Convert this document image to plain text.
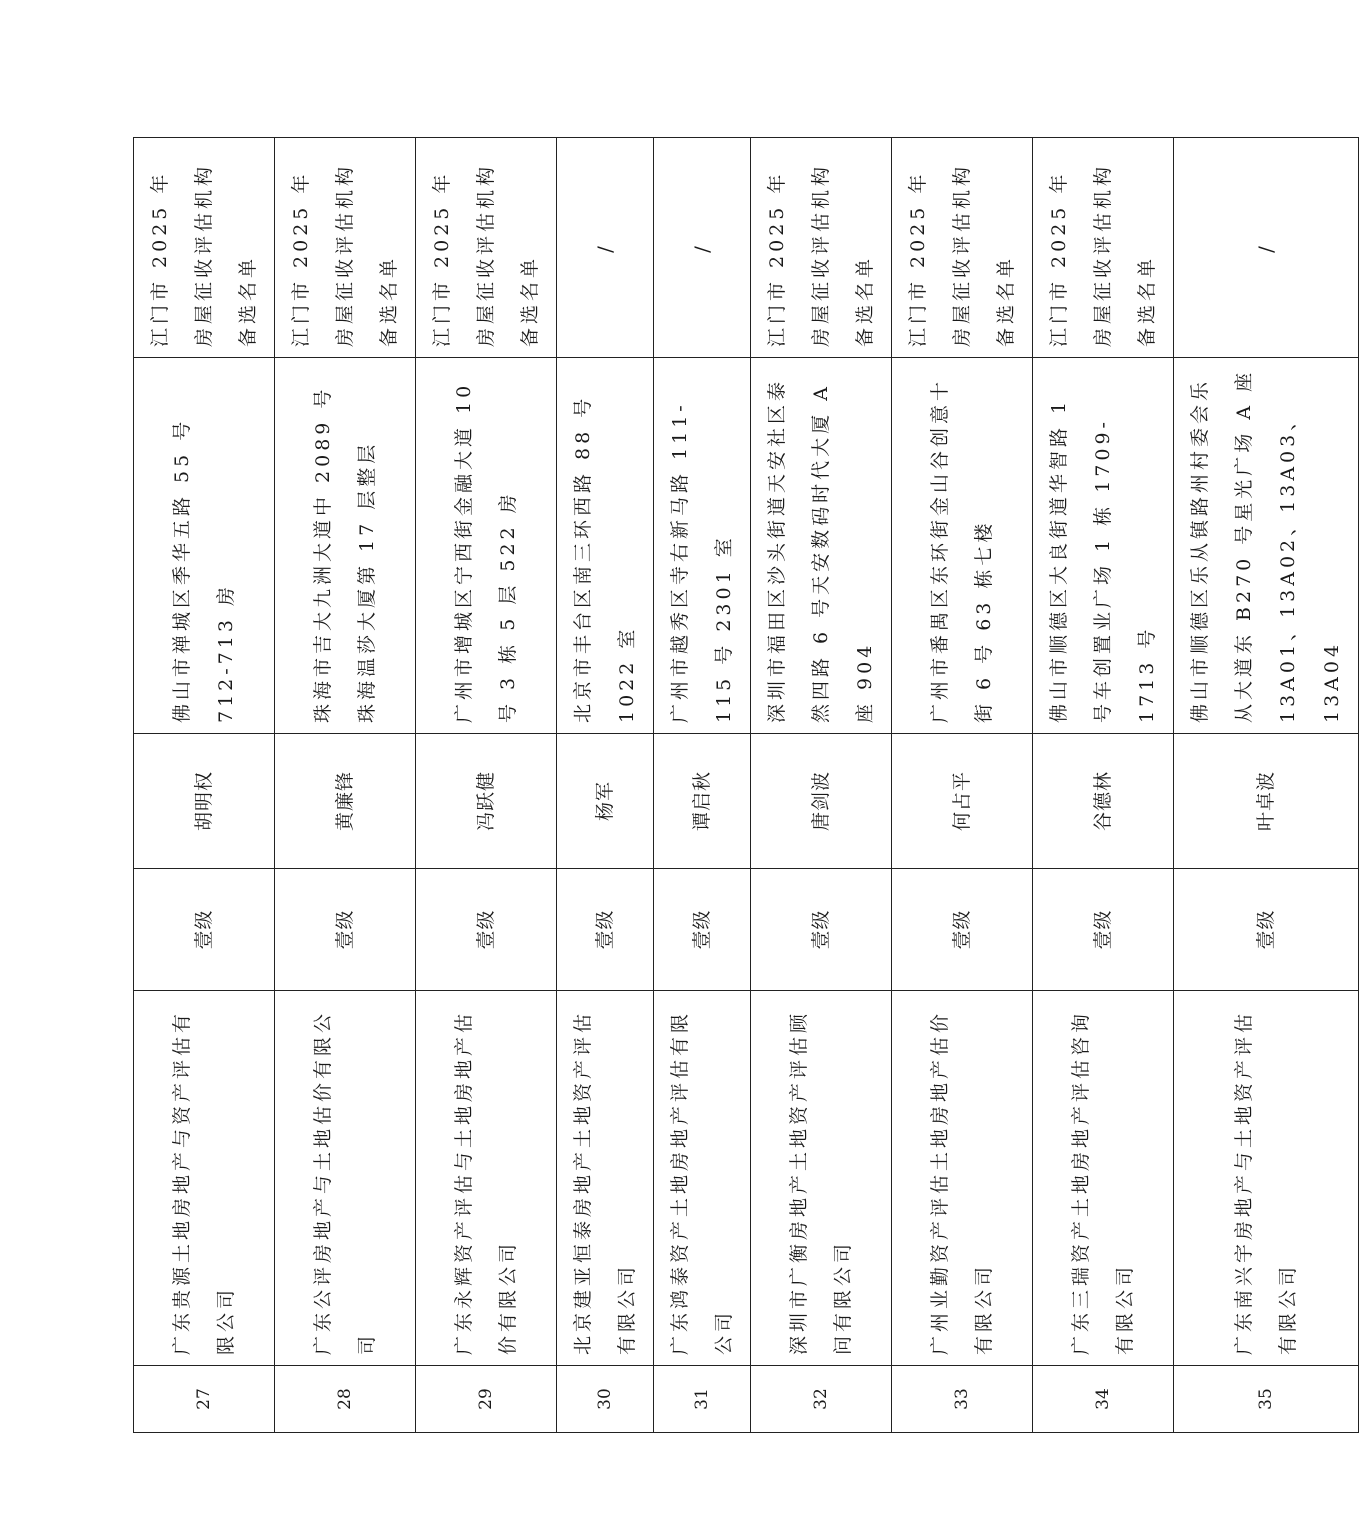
27	广东贵源土地房地产与资产评估有限公司	壹级	胡明权	佛山市禅城区季华五路 55 号 712-713 房	江门市 2025 年房屋征收评估机构备选名单
28	广东公评房地产与土地估价有限公司	壹级	黄廉锋	珠海市吉大九洲大道中 2089 号珠海温莎大厦第 17 层整层	江门市 2025 年房屋征收评估机构备选名单
29	广东永辉资产评估与土地房地产估价有限公司	壹级	冯跃健	广州市增城区宁西街金融大道 10 号 3 栋 5 层 522 房	江门市 2025 年房屋征收评估机构备选名单
30	北京建亚恒泰房地产土地资产评估有限公司	壹级	杨军	北京市丰台区南三环西路 88 号 1022 室	/
31	广东鸿泰资产土地房地产评估有限公司	壹级	谭启秋	广州市越秀区寺右新马路 111-115 号 2301 室	/
32	深圳市广衡房地产土地资产评估顾问有限公司	壹级	唐剑波	深圳市福田区沙头街道天安社区泰然四路 6 号天安数码时代大厦 A 座 904	江门市 2025 年房屋征收评估机构备选名单
33	广州业勤资产评估土地房地产估价有限公司	壹级	何占平	广州市番禺区东环街金山谷创意十街 6 号 63 栋七楼	江门市 2025 年房屋征收评估机构备选名单
34	广东三瑞资产土地房地产评估咨询有限公司	壹级	谷德林	佛山市顺德区大良街道华智路 1 号车创置业广场 1 栋 1709-1713 号	江门市 2025 年房屋征收评估机构备选名单
35	广东南兴宇房地产与土地资产评估有限公司	壹级	叶卓波	佛山市顺德区乐从镇路州村委会乐从大道东 B270 号星光广场 A 座 13A01、13A02、13A03、13A04	/
